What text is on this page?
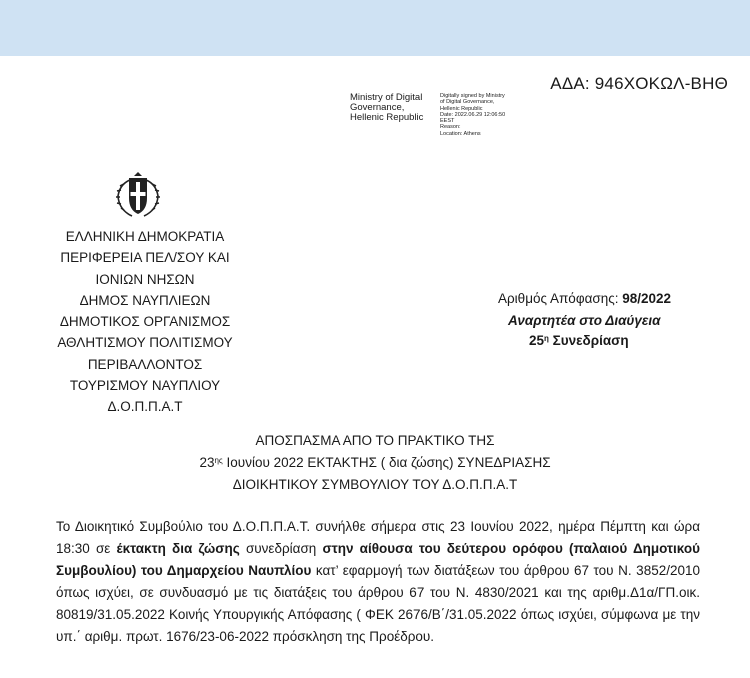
ΑΔΑ: 946ΧΟΚΩΛ-ΒΗΘ
Ministry of Digital
Governance,
Hellenic Republic
Digitally signed by Ministry
of Digital Governance,
Hellenic Republic
Date: 2022.06.29 12:06:50
EEST
Reason:
Location: Athens
ΕΛΛΗΝΙΚΗ ΔΗΜΟΚΡΑΤΙΑ
ΠΕΡΙΦΕΡΕΙΑ ΠΕΛ/ΣΟΥ ΚΑΙ
ΙΟΝΙΩΝ ΝΗΣΩΝ
ΔΗΜΟΣ ΝΑΥΠΛΙΕΩΝ
ΔΗΜΟΤΙΚΟΣ ΟΡΓΑΝΙΣΜΟΣ
ΑΘΛΗΤΙΣΜΟΥ ΠΟΛΙΤΙΣΜΟΥ
ΠΕΡΙΒΑΛΛΟΝΤΟΣ
ΤΟΥΡΙΣΜΟΥ ΝΑΥΠΛΙΟΥ
Δ.Ο.Π.Π.Α.Τ
Αριθμός Απόφασης: 98/2022
Αναρτητέα στο Διαύγεια
$25^\eta$ Συνεδρίαση
ΑΠΟΣΠΑΣΜΑ ΑΠΟ ΤΟ ΠΡΑΚΤΙΚΟ ΤΗΣ
$23^{\eta\varsigma}$ Ιουνίου 2022 ΕΚΤΑΚΤΗΣ ( δια ζώσης) ΣΥΝΕΔΡΙΑΣΗΣ
ΔΙΟΙΚΗΤΙΚΟΥ ΣΥΜΒΟΥΛΙΟΥ ΤΟΥ Δ.Ο.Π.Π.Α.Τ
Το Διοικητικό Συμβούλιο του Δ.Ο.Π.Π.Α.Τ. συνήλθε σήμερα στις 23 Ιουνίου 2022, ημέρα Πέμπτη και ώρα 18:30 σε έκτακτη δια ζώσης συνεδρίαση στην αίθουσα του δεύτερου ορόφου (παλαιού Δημοτικού Συμβουλίου) του Δημαρχείου Ναυπλίου κατ’ εφαρμογή των διατάξεων του άρθρου 67 του Ν. 3852/2010 όπως ισχύει, σε συνδυασμό με τις διατάξεις του άρθρου 67 του Ν. 4830/2021 και της αριθμ.Δ1α/ΓΠ.οικ. 80819/31.05.2022 Κοινής Υπουργικής Απόφασης ( ΦΕΚ 2676/Β΄/31.05.2022 όπως ισχύει, σύμφωνα με την υπ.΄ αριθμ. πρωτ. 1676/23-06-2022 πρόσκληση της Προέδρου.
